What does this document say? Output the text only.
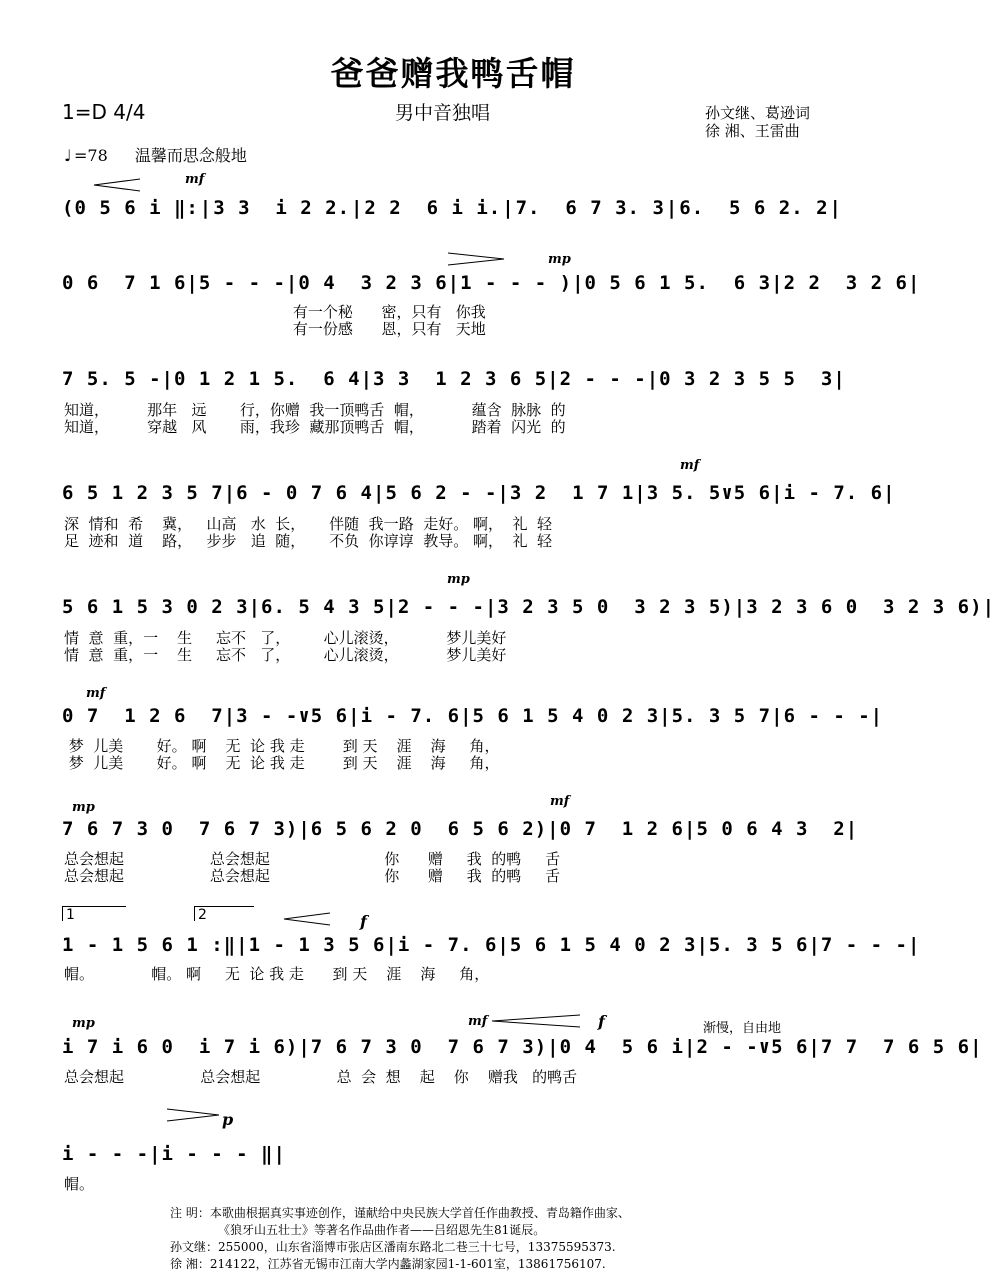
爸爸赠我鸭舌帽
1=D 4/4	男中音独唱	孙文继、葛逊词
徐 湘、王雷曲
♩ =78 温馨而思念般地
(0 5 6 i ‖: | 3 3  i 2 2. | 2 2  6 i i. | 7.  6 7 3. 3 | 6.  5 6 2. 2 |
0 6  7 1 6 | 5 - - - | 0 4  3 2 3 6 | 1 - - - ) | 0 5 6 1 5.  6 3 | 2 2  3 2 6 |
有一个秘      密，只有   你我
有一份感      恩，只有   天地
7 5. 5 - | 0 1 2 1 5.  6 4 | 3 3  1 2 3 6 5 | 2 - - - | 0 3 2 3 5 5  3 |
知道，        那年   远       行，你赠  我一顶鸭舌  帽，          蕴含  脉脉  的
知道，        穿越   风       雨，我珍  藏那顶鸭舌  帽，          踏着  闪光  的
6 5 1 2 3 5 7 | 6 - 0 7 6 4 | 5 6 2 - - | 3 2  1 7 1 | 3 5. 5∨5 6 | i - 7. 6 |
深  情和  希    冀，   山高   水  长，     伴随  我一路  走好。 啊，  礼  轻
足  迹和  道    路，   步步   追  随，     不负  你谆谆  教导。 啊，  礼  轻
5 6 1 5 3 0 2 3 | 6. 5 4 3 5 | 2 - - - | 3 2 3 5 0  3 2 3 5) | 3 2 3 6 0  3 2 3 6) |
情  意  重，一    生     忘不   了，       心儿滚烫，          梦儿美好
情  意  重，一    生     忘不   了，       心儿滚烫，          梦儿美好
0 7  1 2 6  7 | 3 - -∨5 6 | i - 7. 6 | 5 6 1 5 4 0 2 3 | 5. 3 5 7 | 6 - - - |
梦  儿美       好。 啊    无  论 我 走        到 天    涯    海     角，
梦  儿美       好。 啊    无  论 我 走        到 天    涯    海     角，
7 6 7 3 0  7 6 7 3) | 6 5 6 2 0  6 5 6 2) | 0 7  1 2 6 | 5 0 6 4 3  2 |
总会想起                  总会想起                        你      赠     我  的鸭     舌
总会想起                  总会想起                        你      赠     我  的鸭     舌
1 - 1 5 6 1 :‖ | 1 - 1 3 5 6 | i - 7. 6 | 5 6 1 5 4 0 2 3 | 5. 3 5 6 | 7 - - - |
帽。            帽。 啊     无  论 我 走      到 天    涯    海     角，
i 7 i 6 0  i 7 i 6) | 7 6 7 3 0  7 6 7 3) | 0 4  5 6 i | 2 - -∨5 6 | 7 7  7 6 5 6 |
总会想起                总会想起                总  会  想    起    你    赠我   的鸭舌
i - - - | i - - - ‖ |
帽。
mf
mp
mf
mp
mf
mp	mf
f
mp	mf	f
p
渐慢，自由地
1	2
注 明：本歌曲根据真实事迹创作，谨献给中央民族大学首任作曲教授、青岛籍作曲家、
《狼牙山五壮士》等著名作品曲作者——吕绍恩先生81诞辰。
孙文继：255000，山东省淄博市张店区潘南东路北二巷三十七号，13375595373.
徐 湘：214122，江苏省无锡市江南大学内蠡湖家园1-1-601室，13861756107.
